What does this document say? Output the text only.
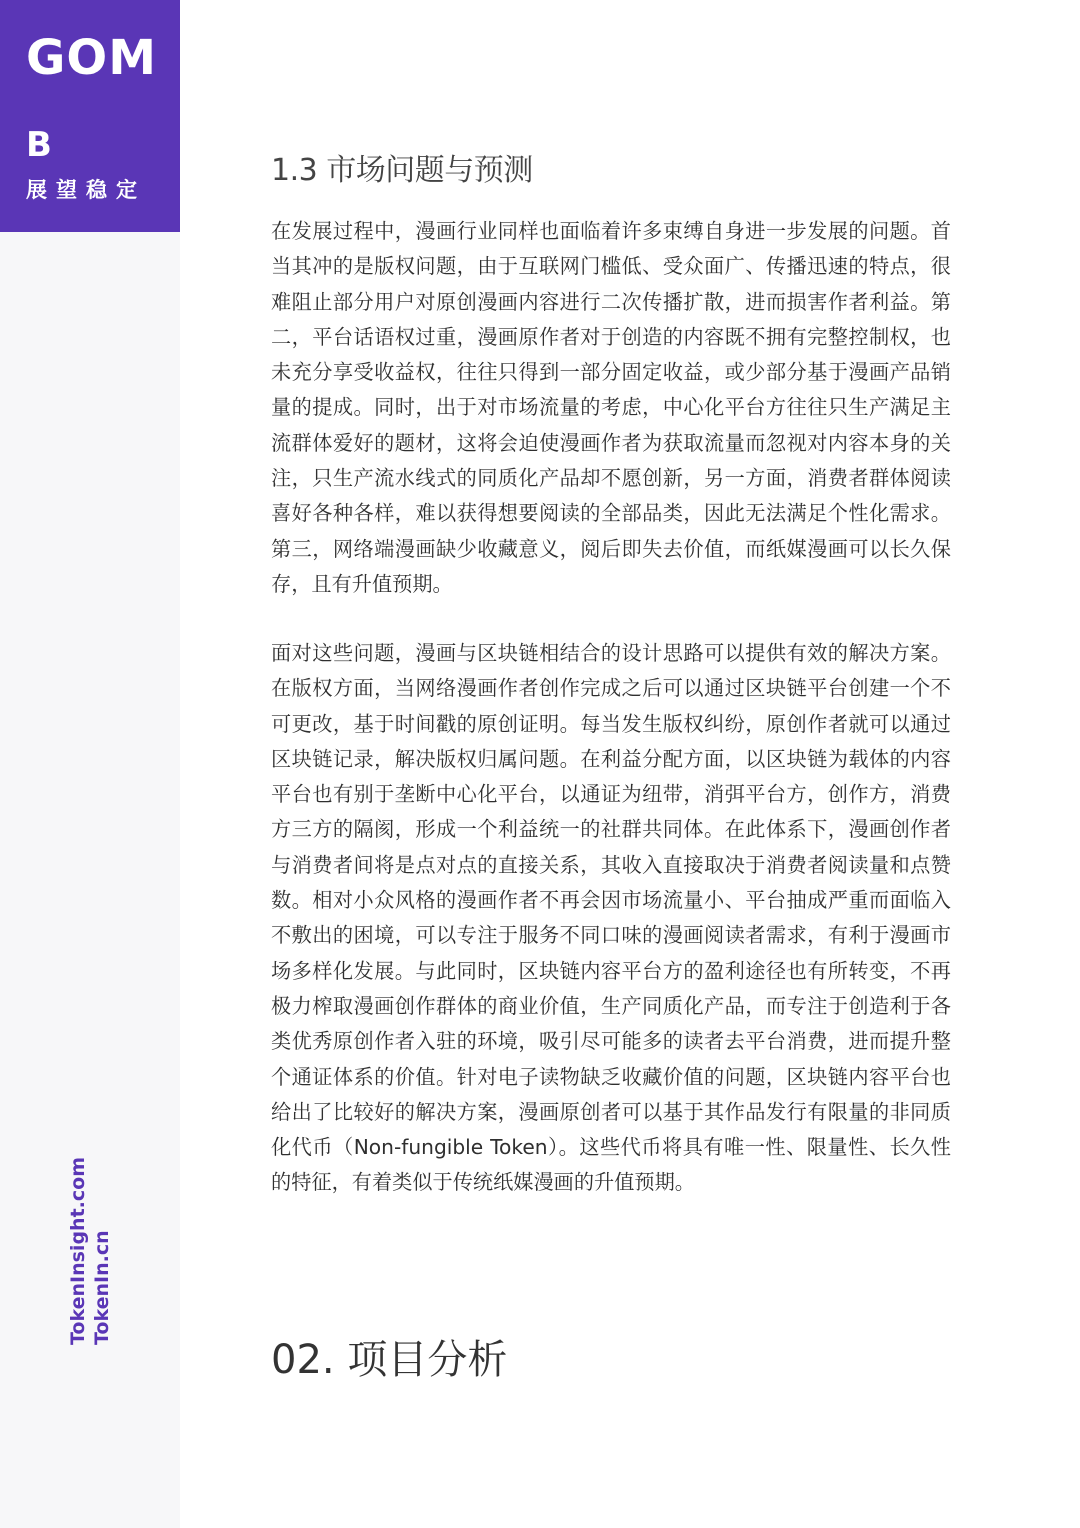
GOM
B
展望稳定
TokenInsight.com TokenIn.cn
1.3 市场问题与预测

在发展过程中，漫画行业同样也面临着许多束缚自身进一步发展的问题。首当其冲的是版权问题，由于互联网门槛低、受众面广、传播迅速的特点，很难阻止部分用户对原创漫画内容进行二次传播扩散，进而损害作者利益。第二，平台话语权过重，漫画原作者对于创造的内容既不拥有完整控制权，也未充分享受收益权，往往只得到一部分固定收益，或少部分基于漫画产品销量的提成。同时，出于对市场流量的考虑，中心化平台方往往只生产满足主流群体爱好的题材，这将会迫使漫画作者为获取流量而忽视对内容本身的关注，只生产流水线式的同质化产品却不愿创新，另一方面，消费者群体阅读喜好各种各样，难以获得想要阅读的全部品类，因此无法满足个性化需求。第三，网络端漫画缺少收藏意义，阅后即失去价值，而纸媒漫画可以长久保存，且有升值预期。

面对这些问题，漫画与区块链相结合的设计思路可以提供有效的解决方案。在版权方面，当网络漫画作者创作完成之后可以通过区块链平台创建一个不可更改，基于时间戳的原创证明。每当发生版权纠纷，原创作者就可以通过区块链记录，解决版权归属问题。在利益分配方面，以区块链为载体的内容平台也有别于垄断中心化平台，以通证为纽带，消弭平台方，创作方，消费方三方的隔阂，形成一个利益统一的社群共同体。在此体系下，漫画创作者与消费者间将是点对点的直接关系，其收入直接取决于消费者阅读量和点赞数。相对小众风格的漫画作者不再会因市场流量小、平台抽成严重而面临入不敷出的困境，可以专注于服务不同口味的漫画阅读者需求，有利于漫画市场多样化发展。与此同时，区块链内容平台方的盈利途径也有所转变，不再极力榨取漫画创作群体的商业价值，生产同质化产品，而专注于创造利于各类优秀原创作者入驻的环境，吸引尽可能多的读者去平台消费，进而提升整个通证体系的价值。针对电子读物缺乏收藏价值的问题，区块链内容平台也给出了比较好的解决方案，漫画原创者可以基于其作品发行有限量的非同质化代币（Non-fungible Token）。这些代币将具有唯一性、限量性、长久性的特征，有着类似于传统纸媒漫画的升值预期。

02. 项目分析
